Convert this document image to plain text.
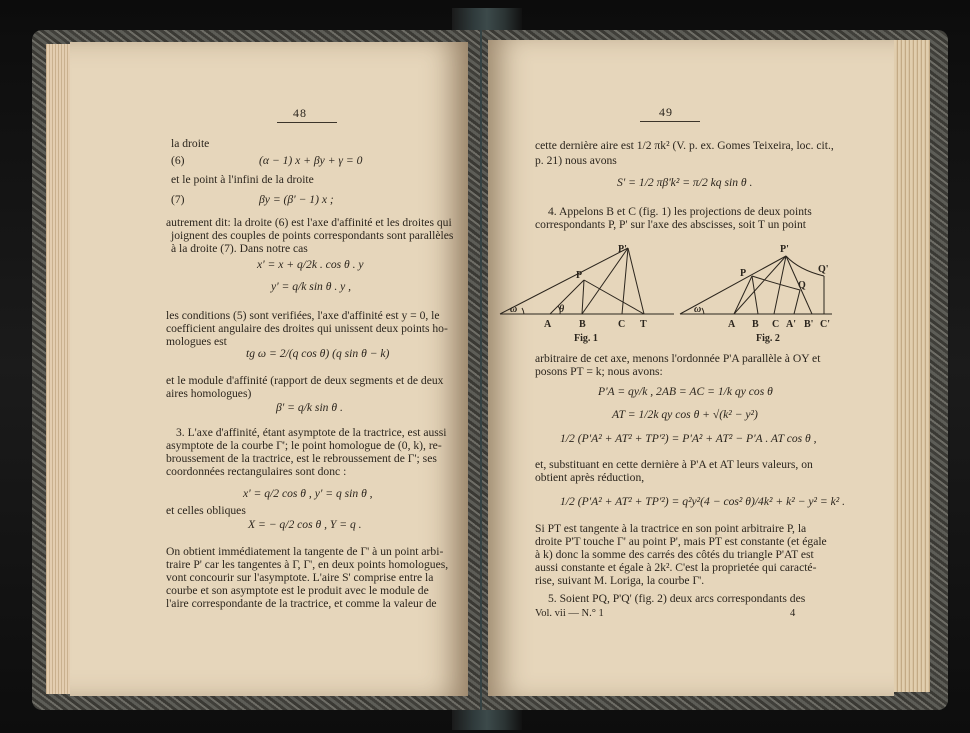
48
la droite
(6)	(α − 1) x + βy + γ = 0
et le point à l'infini de la droite
(7)	βy = (β' − 1) x ;
autrement dit: la droite (6) est l'axe d'affinité et les droites qui
joignent des couples de points correspondants sont parallèles
à la droite (7). Dans notre cas
x' = x + q/2k . cos θ . y
y' = q/k sin θ . y ,
les conditions (5) sont verifiées, l'axe d'affinité est y = 0, le
coefficient angulaire des droites qui unissent deux points ho-
mologues est
tg ω = 2/(q cos θ) (q sin θ − k)
et le module d'affinité (rapport de deux segments et de deux
aires homologues)
β' = q/k sin θ .
3. L'axe d'affinité, étant asymptote de la tractrice, est aussi
asymptote de la courbe Γ'; le point homologue de (0, k), re-
broussement de la tractrice, est le rebroussement de Γ'; ses
coordonnées rectangulaires sont donc :
x' = q/2 cos θ , y' = q sin θ ,
et celles obliques
X = − q/2 cos θ , Y = q .
On obtient immédiatement la tangente de Γ' à un point arbi-
traire P' car les tangentes à Γ, Γ', en deux points homologues,
vont concourir sur l'asymptote. L'aire S' comprise entre la
courbe et son asymptote est le produit avec le module de
l'aire correspondante de la tractrice, et comme la valeur de
49
cette dernière aire est 1/2 πk² (V. p. ex. Gomes Teixeira, loc. cit.,
p. 21) nous avons
S' = 1/2 πβ'k² = π/2 kq sin θ .
4. Appelons B et C (fig. 1) les projections de deux points
correspondants P, P' sur l'axe des abscisses, soit T un point
P'
P
ω	θ
A	B	C T
Fig. 1
P'
P	Q'
Q
ω
A B C A' B' C'
Fig. 2
arbitraire de cet axe, menons l'ordonnée P'A parallèle à OY et
posons PT = k; nous avons:
P'A = qy/k , 2AB = AC = 1/k qy cos θ
AT = 1/2k qy cos θ + √(k² − y²)
1/2 (P'A² + AT² + TP'²) = P'A² + AT² − P'A . AT cos θ ,
et, substituant en cette dernière à P'A et AT leurs valeurs, on
obtient après réduction,
1/2 (P'A² + AT² + TP'²) = q²y²(4 − cos² θ)/4k² + k² − y² = k² .
Si PT est tangente à la tractrice en son point arbitraire P, la
droite P'T touche Γ' au point P', mais PT est constante (et égale
à k) donc la somme des carrés des côtés du triangle P'AT est
aussi constante et égale à 2k². C'est la proprietée qui caracté-
rise, suivant M. Loriga, la courbe Γ'.
5. Soient PQ, P'Q' (fig. 2) deux arcs correspondants des
Vol. vii — N.° 1	4
